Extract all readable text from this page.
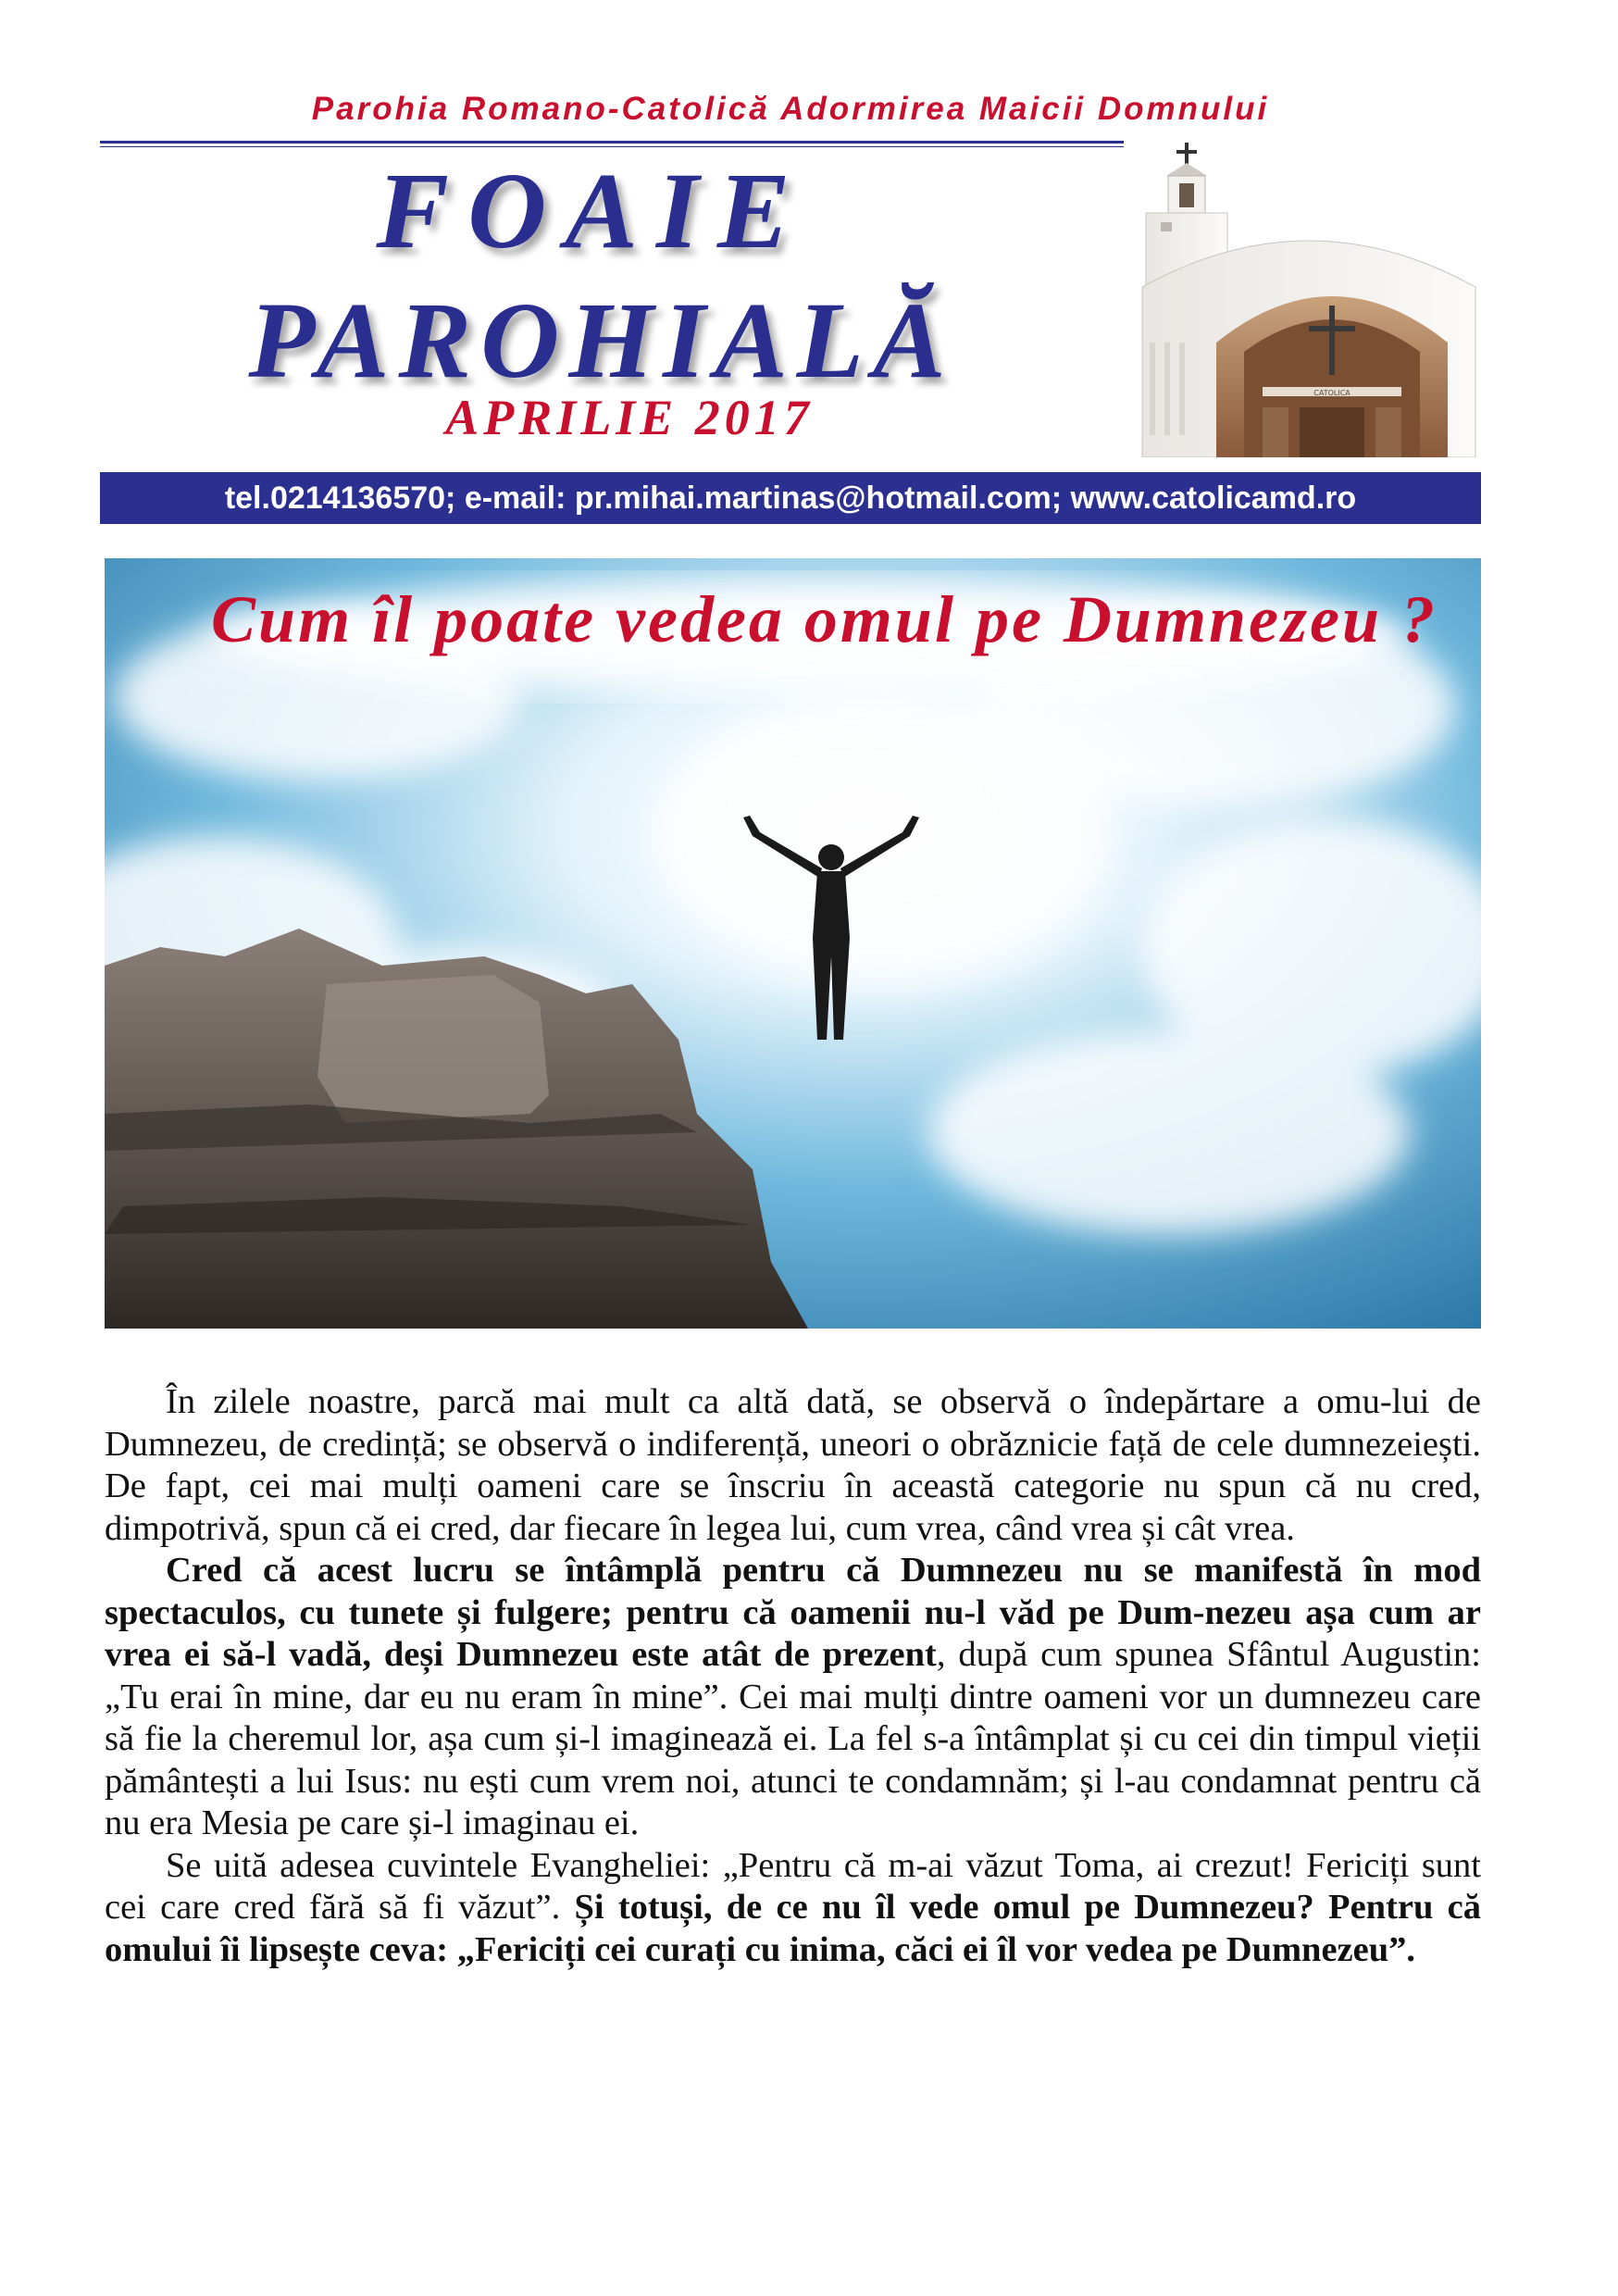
Parohia Romano-Catolică Adormirea Maicii Domnului
FOAIE
PAROHIALĂ
APRILIE 2017	CATOLICA
tel.0214136570; e-mail: pr.mihai.martinas@hotmail.com; www.catolicamd.ro
Cum îl poate vedea omul pe Dumnezeu ?

În zilele noastre, parcă mai mult ca altă dată, se observă o îndepărtare a omu-lui de Dumnezeu, de credință; se observă o indiferență, uneori o obrăznicie față de cele dumnezeiești. De fapt, cei mai mulți oameni care se înscriu în această categorie nu spun că nu cred, dimpotrivă, spun că ei cred, dar fiecare în legea lui, cum vrea, când vrea și cât vrea.

Cred că acest lucru se întâmplă pentru că Dumnezeu nu se manifestă în mod spectaculos, cu tunete și fulgere; pentru că oamenii nu-l văd pe Dum-nezeu așa cum ar vrea ei să-l vadă, deși Dumnezeu este atât de prezent, după cum spunea Sfântul Augustin: „Tu erai în mine, dar eu nu eram în mine”. Cei mai mulți dintre oameni vor un dumnezeu care să fie la cheremul lor, așa cum și-l imaginează ei. La fel s-a întâmplat și cu cei din timpul vieții pământești a lui Isus: nu ești cum vrem noi, atunci te condamnăm; și l-au condamnat pentru că nu era Mesia pe care și-l imaginau ei.

Se uită adesea cuvintele Evangheliei: „Pentru că m-ai văzut Toma, ai crezut! Fericiți sunt cei care cred fără să fi văzut”. Și totuși, de ce nu îl vede omul pe Dumnezeu? Pentru că omului îi lipsește ceva: „Fericiți cei curați cu inima, căci ei îl vor vedea pe Dumnezeu”.
